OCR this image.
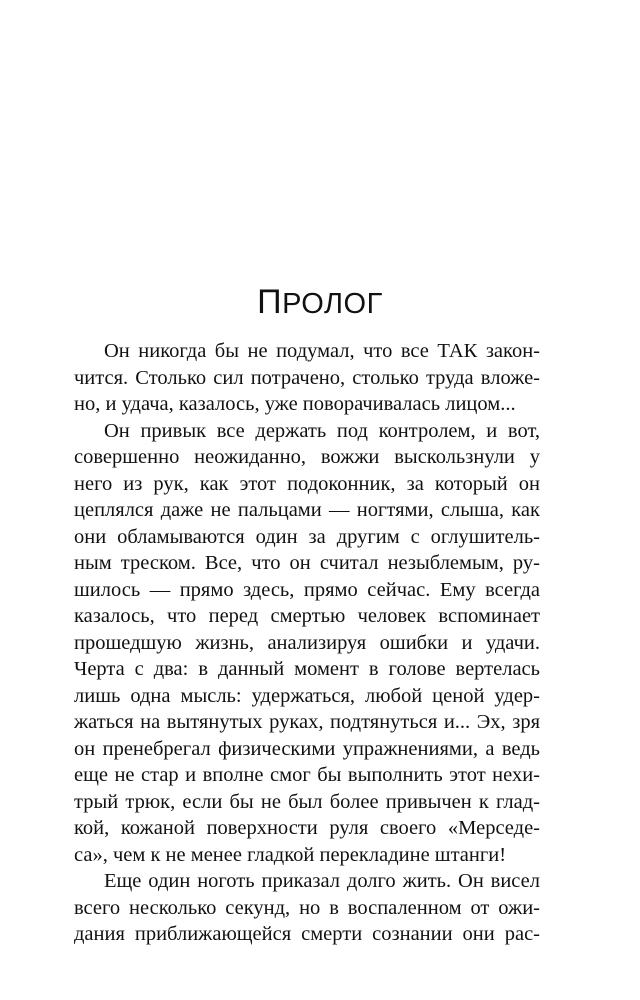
ПРОЛОГ
Он никогда бы не подумал, что все ТАК закон-
чится. Столько сил потрачено, столько труда вложе-
но, и удача, казалось, уже поворачивалась лицом...
Он привык все держать под контролем, и вот,
совершенно неожиданно, вожжи выскользнули у
него из рук, как этот подоконник, за который он
цеплялся даже не пальцами — ногтями, слыша, как
они обламываются один за другим с оглушитель-
ным треском. Все, что он считал незыблемым, ру-
шилось — прямо здесь, прямо сейчас. Ему всегда
казалось, что перед смертью человек вспоминает
прошедшую жизнь, анализируя ошибки и удачи.
Черта с два: в данный момент в голове вертелась
лишь одна мысль: удержаться, любой ценой удер-
жаться на вытянутых руках, подтянуться и... Эх, зря
он пренебрегал физическими упражнениями, а ведь
еще не стар и вполне смог бы выполнить этот нехи-
трый трюк, если бы не был более привычен к глад-
кой, кожаной поверхности руля своего «Мерседе-
са», чем к не менее гладкой перекладине штанги!
Еще один ноготь приказал долго жить. Он висел
всего несколько секунд, но в воспаленном от ожи-
дания приближающейся смерти сознании они рас-
